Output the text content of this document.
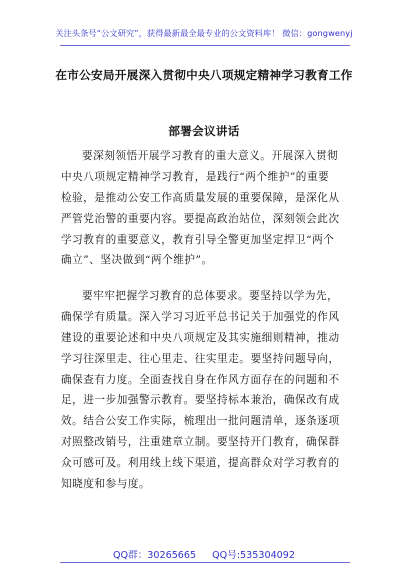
关注头条号“公文研究”，获得最新最全最专业的公文资料库！ 微信：gongwenyj
在市公安局开展深入贯彻中央八项规定精神学习教育工作
部署会议讲话
要深刻领悟开展学习教育的重大意义。开展深入贯彻
中央八项规定精神学习教育，是践行“两个维护”的重要
检验，是推动公安工作高质量发展的重要保障，是深化从
严管党治警的重要内容。要提高政治站位，深刻领会此次
学习教育的重要意义，教育引导全警更加坚定捍卫“两个
确立”、坚决做到“两个维护”。
要牢牢把握学习教育的总体要求。要坚持以学为先，
确保学有质量。深入学习习近平总书记关于加强党的作风
建设的重要论述和中央八项规定及其实施细则精神，推动
学习往深里走、往心里走、往实里走。要坚持问题导向，
确保查有力度。全面查找自身在作风方面存在的问题和不
足，进一步加强警示教育。要坚持标本兼治，确保改有成
效。结合公安工作实际，梳理出一批问题清单，逐条逐项
对照整改销号，注重建章立制。要坚持开门教育，确保群
众可感可及。利用线上线下渠道，提高群众对学习教育的
知晓度和参与度。
QQ群：30265665 QQ号:535304092
